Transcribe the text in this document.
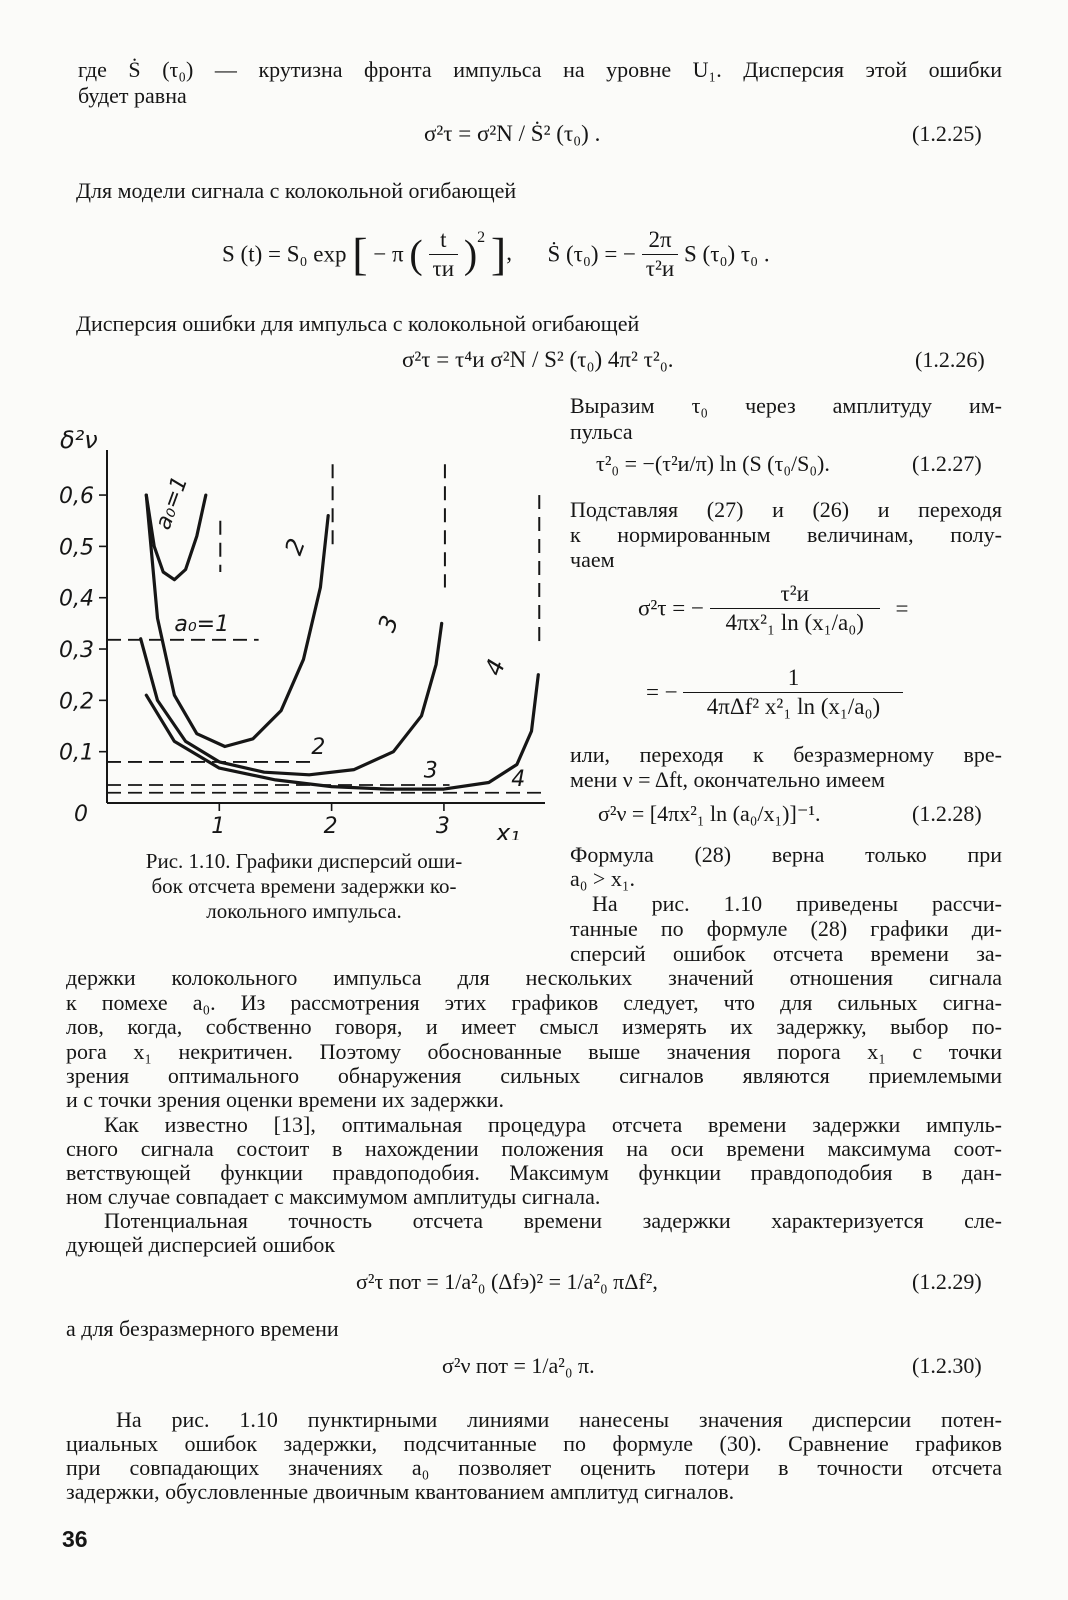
где Ṡ (τ₀) — крутизна фронта импульса на уровне U₁. Дисперсия этой ошибки
будет равна
σ²τ = σ²N / Ṡ² (τ₀) .	(1.2.25)
Для модели сигнала с колокольной огибающей
S (t) = S₀ exp [ − π ( $\frac{t}{\tau и} )^2$ ],  Ṡ (τ₀) = − $\frac{2\pi}{\text{τ²и}}$ S (τ₀) τ₀ .
Дисперсия ошибки для импульса с колокольной огибающей
σ²τ = τ⁴и σ²N / S² (τ₀) 4π² τ²₀.	(1.2.26)
Выразим τ₀ через амплитуду им-
пульса
τ²₀ = −(τ²и/π) ln (S (τ₀/S₀).	(1.2.27)
Подставляя (27) и (26) и переходя
к нормированным величинам, полу-
чаем
σ²τ = − $\frac{\text{τ²и}}{\text{4πx²₁ ln (x₁/a₀)}}$ =
= − $\frac{1}{\text{4πΔf² x²₁ ln (x₁/a₀)}}$
или, переходя к безразмерному вре-
мени ν = Δft, окончательно имеем
σ²ν = [4πx²₁ ln (a₀/x₁)]⁻¹.	(1.2.28)
Формула (28) верна только при
a₀ > x₁.
На рис. 1.10 приведены рассчи-
танные по формуле (28) графики ди-
сперсий ошибок отсчета времени за-
0,1
0,2
0,3
0,4
0,5
0,6
1	2	3
0
x₁
δ²ν
a₀=1
2
3
4
a₀=1
2
3	4
Рис. 1.10. Графики дисперсий оши-
бок отсчета времени задержки ко-
локольного импульса.
держки колокольного импульса для нескольких значений отношения сигнала
к помехе a₀. Из рассмотрения этих графиков следует, что для сильных сигна-
лов, когда, собственно говоря, и имеет смысл измерять их задержку, выбор по-
рога x₁ некритичен. Поэтому обоснованные выше значения порога x₁ с точки
зрения оптимального обнаружения сильных сигналов являются приемлемыми
и с точки зрения оценки времени их задержки.
Как известно [13], оптимальная процедура отсчета времени задержки импуль-
сного сигнала состоит в нахождении положения на оси времени максимума соот-
ветствующей функции правдоподобия. Максимум функции правдоподобия в дан-
ном случае совпадает с максимумом амплитуды сигнала.
Потенциальная точность отсчета времени задержки характеризуется сле-
дующей дисперсией ошибок
σ²τ пот = 1/a²₀ (Δfэ)² = 1/a²₀ πΔf²,	(1.2.29)
а для безразмерного времени
σ²ν пот = 1/a²₀ π.	(1.2.30)
На рис. 1.10 пунктирными линиями нанесены значения дисперсии потен-
циальных ошибок задержки, подсчитанные по формуле (30). Сравнение графиков
при совпадающих значениях a₀ позволяет оценить потери в точности отсчета
задержки, обусловленные двоичным квантованием амплитуд сигналов.
36
